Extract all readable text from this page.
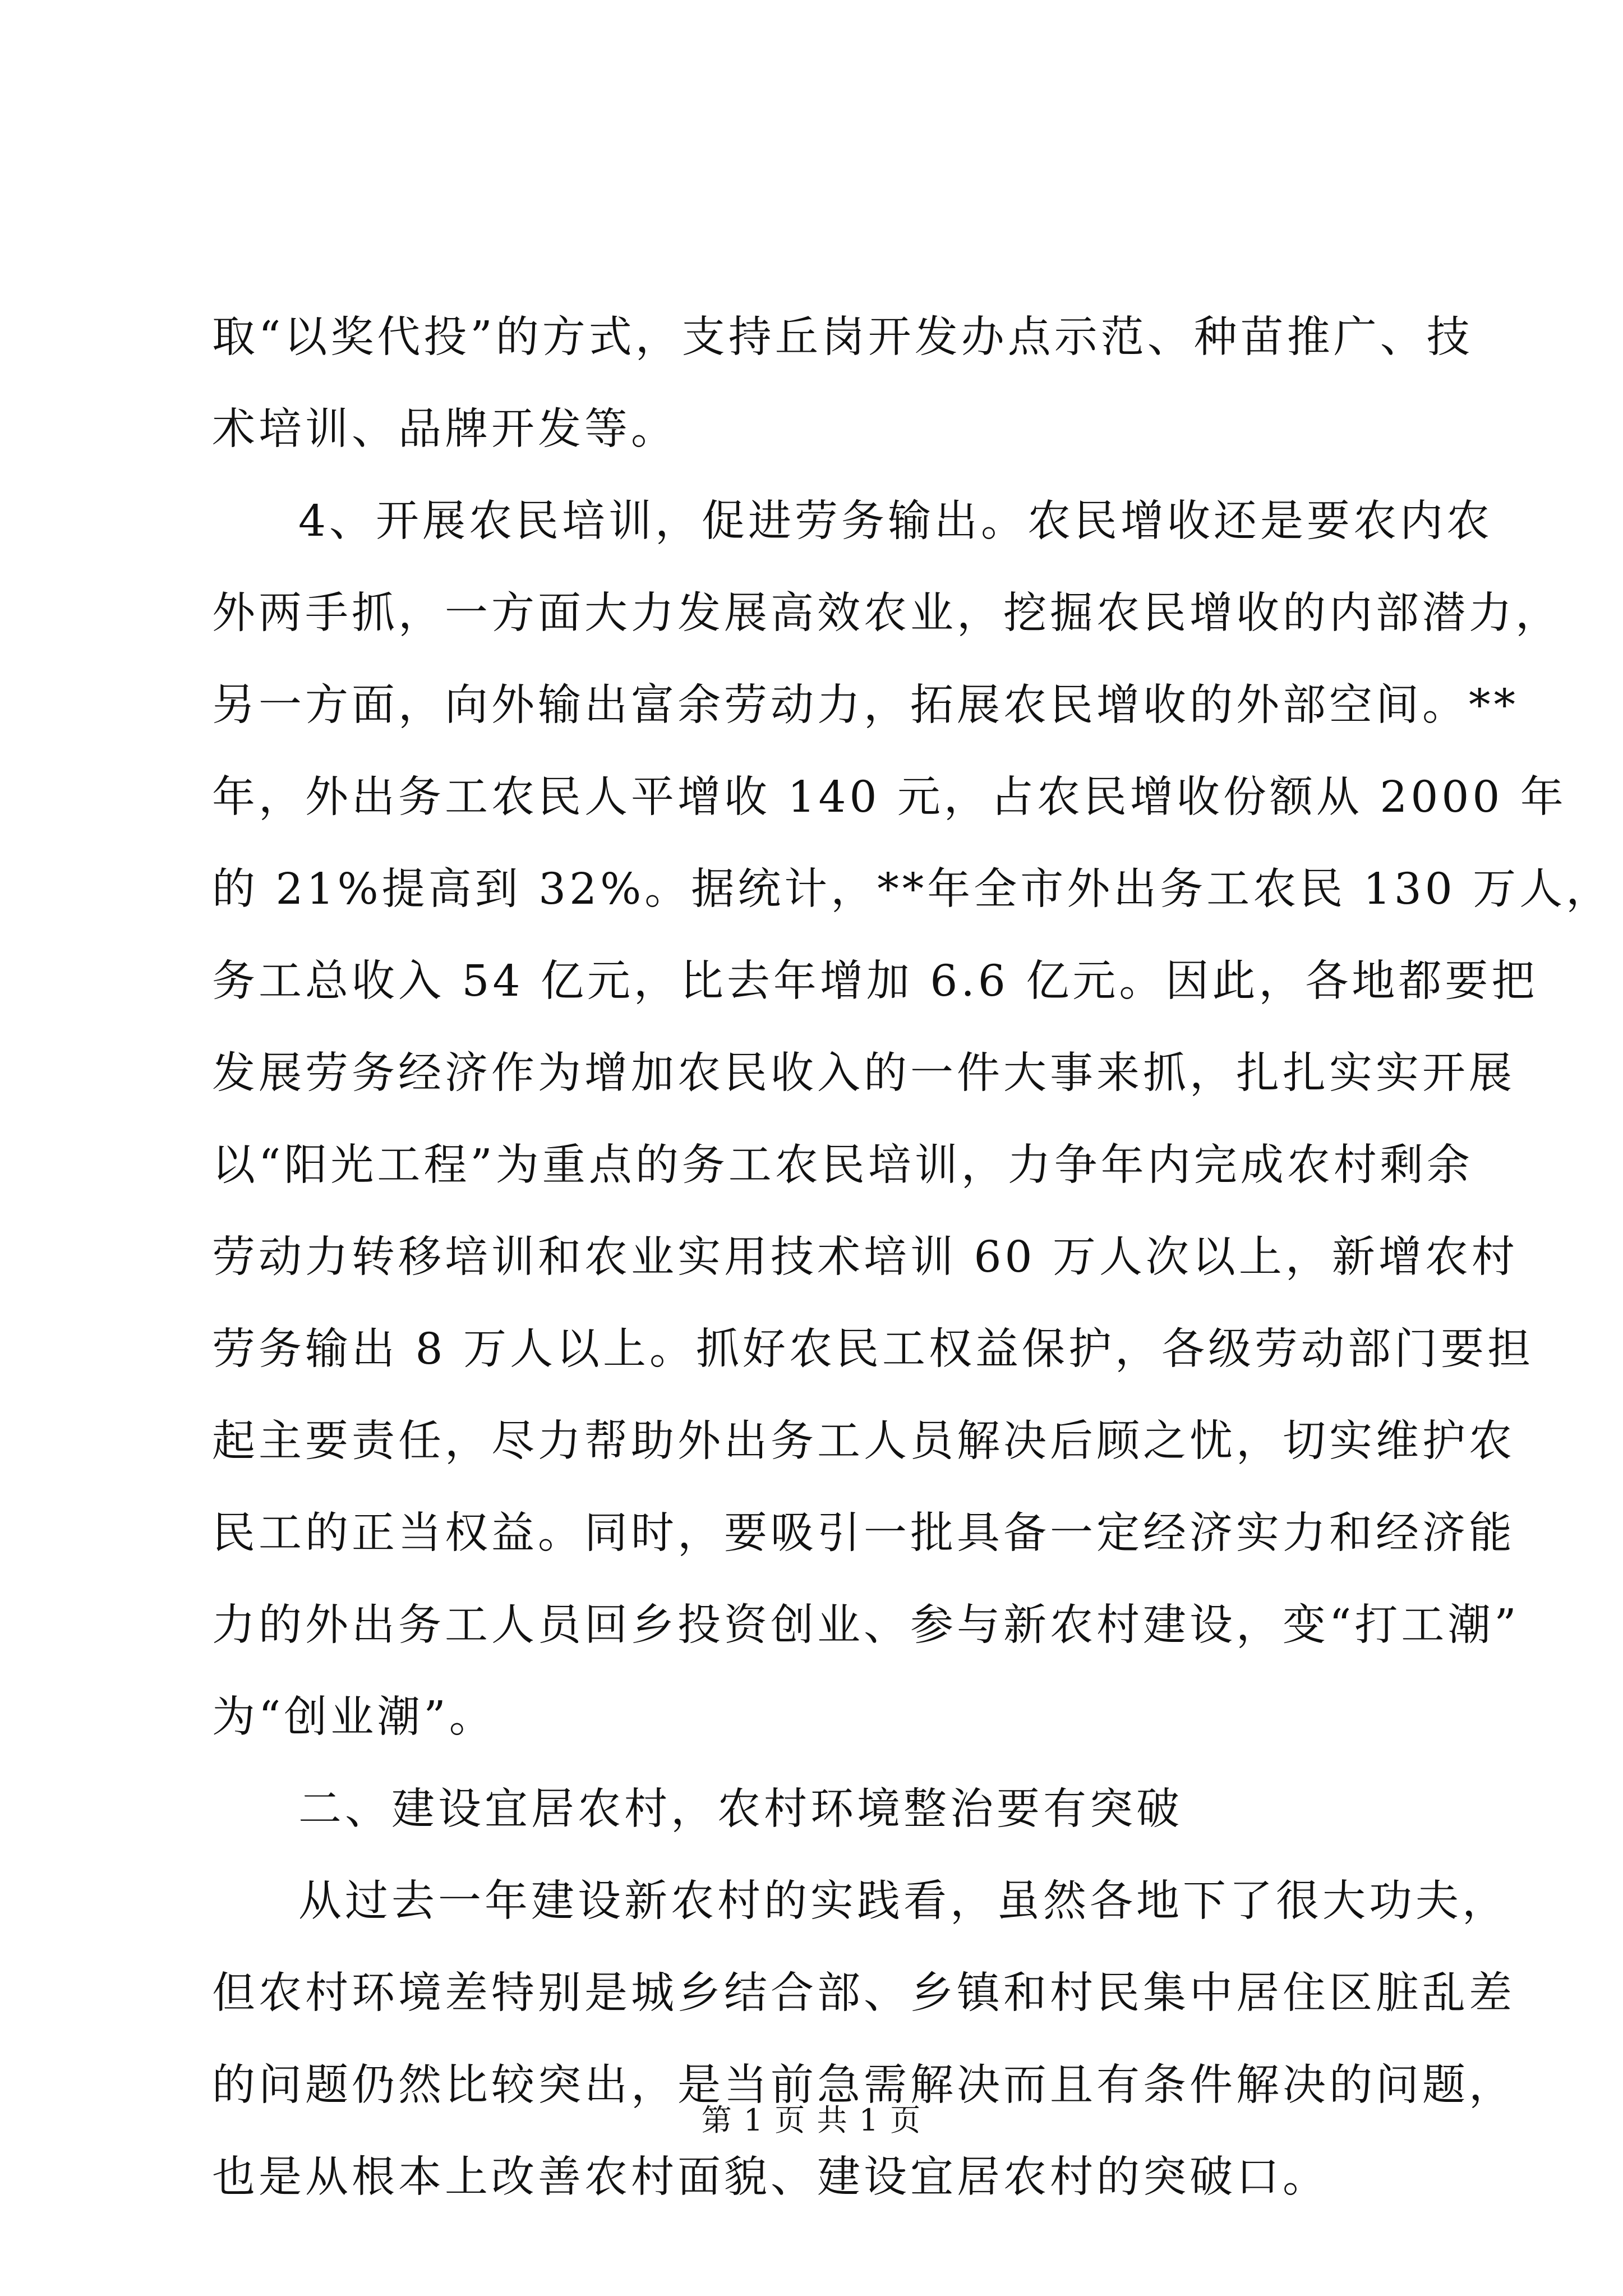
取“以奖代投”的方式，支持丘岗开发办点示范、种苗推广、技
术培训、品牌开发等。
4、开展农民培训，促进劳务输出。农民增收还是要农内农
外两手抓，一方面大力发展高效农业，挖掘农民增收的内部潜力，
另一方面，向外输出富余劳动力，拓展农民增收的外部空间。**
年，外出务工农民人平增收 140 元，占农民增收份额从 2000 年
的 21%提高到 32%。据统计，**年全市外出务工农民 130 万人，
务工总收入 54 亿元，比去年增加 6.6 亿元。因此，各地都要把
发展劳务经济作为增加农民收入的一件大事来抓，扎扎实实开展
以“阳光工程”为重点的务工农民培训，力争年内完成农村剩余
劳动力转移培训和农业实用技术培训 60 万人次以上，新增农村
劳务输出 8 万人以上。抓好农民工权益保护，各级劳动部门要担
起主要责任，尽力帮助外出务工人员解决后顾之忧，切实维护农
民工的正当权益。同时，要吸引一批具备一定经济实力和经济能
力的外出务工人员回乡投资创业、参与新农村建设，变“打工潮”
为“创业潮”。
二、建设宜居农村，农村环境整治要有突破
从过去一年建设新农村的实践看，虽然各地下了很大功夫，
但农村环境差特别是城乡结合部、乡镇和村民集中居住区脏乱差
的问题仍然比较突出，是当前急需解决而且有条件解决的问题，
也是从根本上改善农村面貌、建设宜居农村的突破口。
第 1 页 共 1 页
